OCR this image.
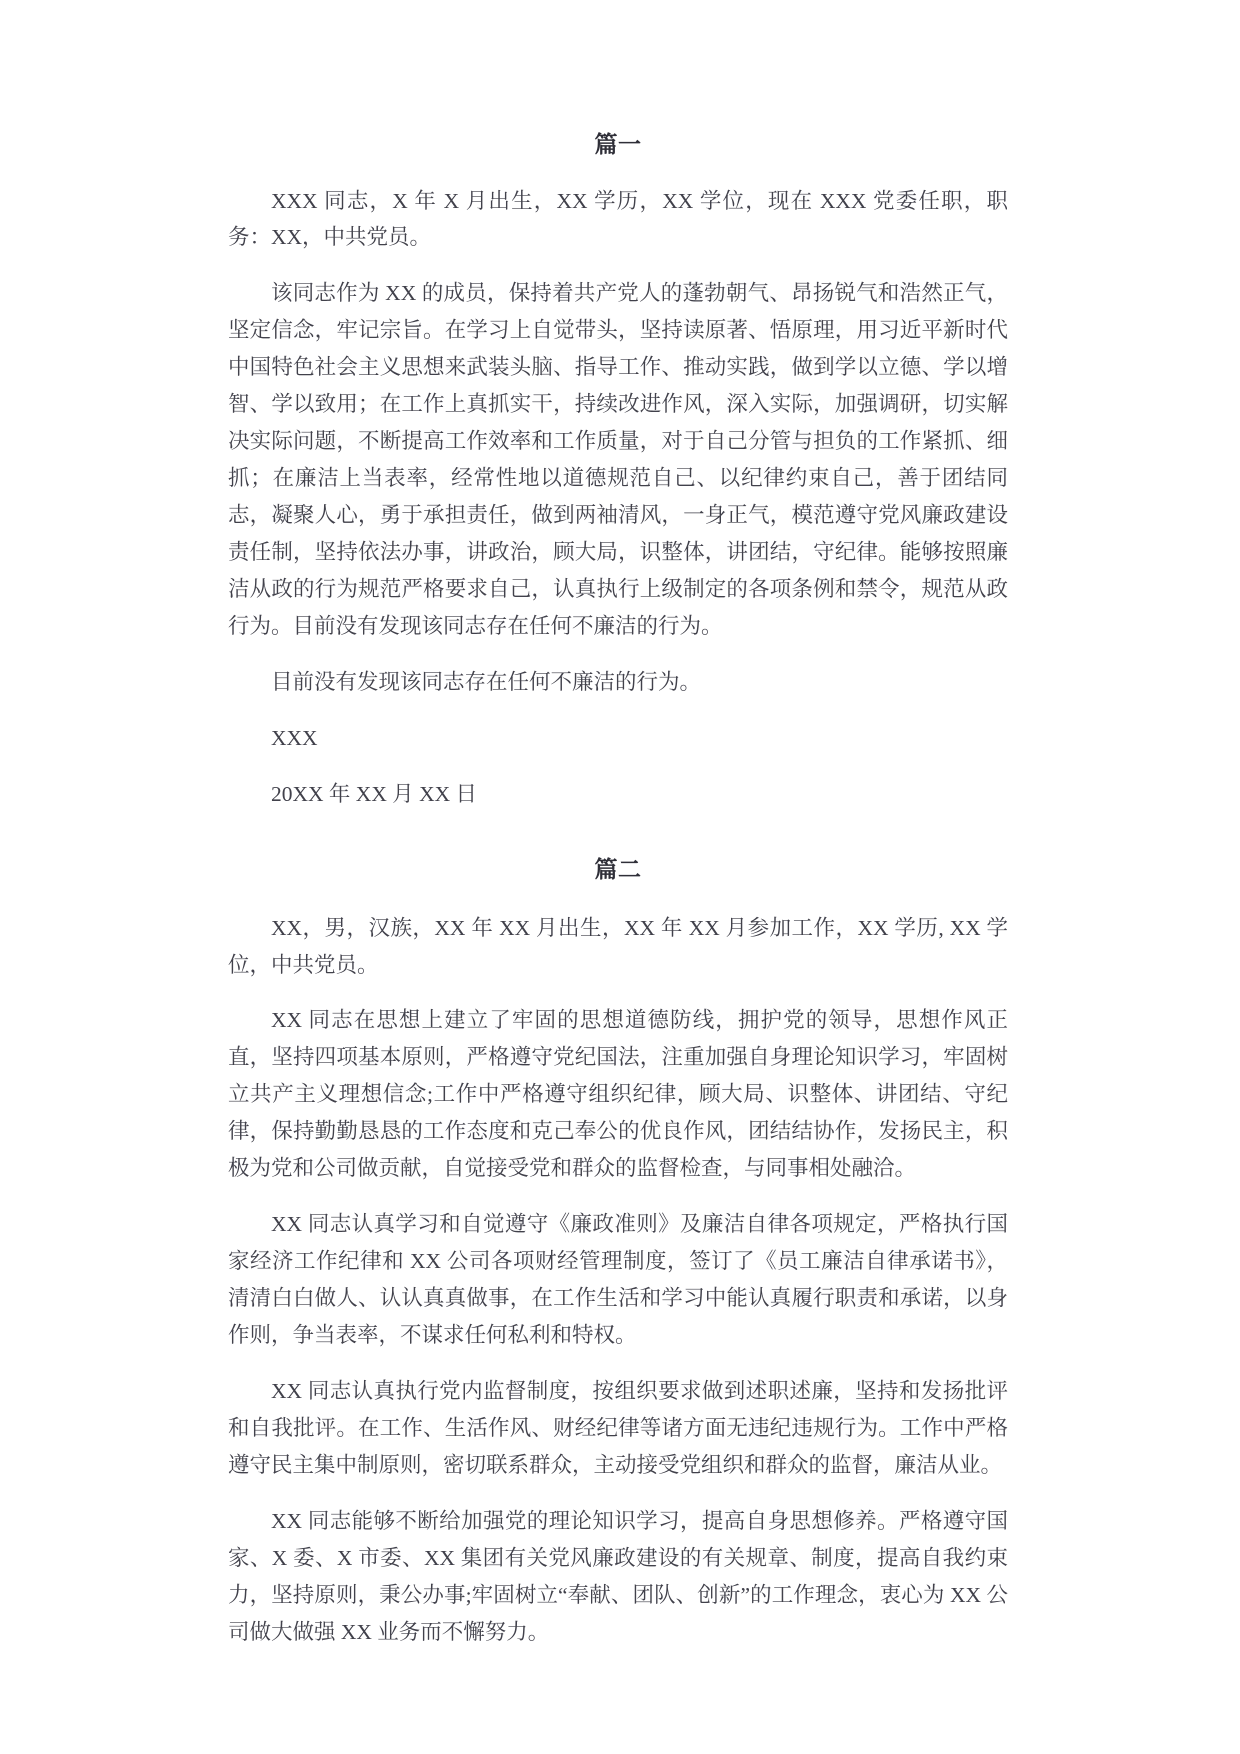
篇一

XXX 同志，X 年 X 月出生，XX 学历，XX 学位，现在 XXX 党委任职，职务：XX，中共党员。

该同志作为 XX 的成员，保持着共产党人的蓬勃朝气、昂扬锐气和浩然正气，坚定信念，牢记宗旨。在学习上自觉带头，坚持读原著、悟原理，用习近平新时代中国特色社会主义思想来武装头脑、指导工作、推动实践，做到学以立德、学以增智、学以致用；在工作上真抓实干，持续改进作风，深入实际，加强调研，切实解决实际问题，不断提高工作效率和工作质量，对于自己分管与担负的工作紧抓、细抓；在廉洁上当表率，经常性地以道德规范自己、以纪律约束自己，善于团结同志，凝聚人心，勇于承担责任，做到两袖清风，一身正气，模范遵守党风廉政建设责任制，坚持依法办事，讲政治，顾大局，识整体，讲团结，守纪律。能够按照廉洁从政的行为规范严格要求自己，认真执行上级制定的各项条例和禁令，规范从政行为。目前没有发现该同志存在任何不廉洁的行为。

目前没有发现该同志存在任何不廉洁的行为。

XXX

20XX 年 XX 月 XX 日

篇二

XX，男，汉族，XX 年 XX 月出生，XX 年 XX 月参加工作，XX 学历, XX 学位，中共党员。

XX 同志在思想上建立了牢固的思想道德防线，拥护党的领导，思想作风正直，坚持四项基本原则，严格遵守党纪国法，注重加强自身理论知识学习，牢固树立共产主义理想信念;工作中严格遵守组织纪律，顾大局、识整体、讲团结、守纪律，保持勤勤恳恳的工作态度和克己奉公的优良作风，团结结协作，发扬民主，积极为党和公司做贡献，自觉接受党和群众的监督检查，与同事相处融洽。

XX 同志认真学习和自觉遵守《廉政准则》及廉洁自律各项规定，严格执行国家经济工作纪律和 XX 公司各项财经管理制度，签订了《员工廉洁自律承诺书》，清清白白做人、认认真真做事，在工作生活和学习中能认真履行职责和承诺，以身作则，争当表率，不谋求任何私利和特权。

XX 同志认真执行党内监督制度，按组织要求做到述职述廉，坚持和发扬批评和自我批评。在工作、生活作风、财经纪律等诸方面无违纪违规行为。工作中严格遵守民主集中制原则，密切联系群众，主动接受党组织和群众的监督，廉洁从业。

XX 同志能够不断给加强党的理论知识学习，提高自身思想修养。严格遵守国家、X 委、X 市委、XX 集团有关党风廉政建设的有关规章、制度，提高自我约束力，坚持原则，秉公办事;牢固树立“奉献、团队、创新”的工作理念，衷心为 XX 公司做大做强 XX 业务而不懈努力。
